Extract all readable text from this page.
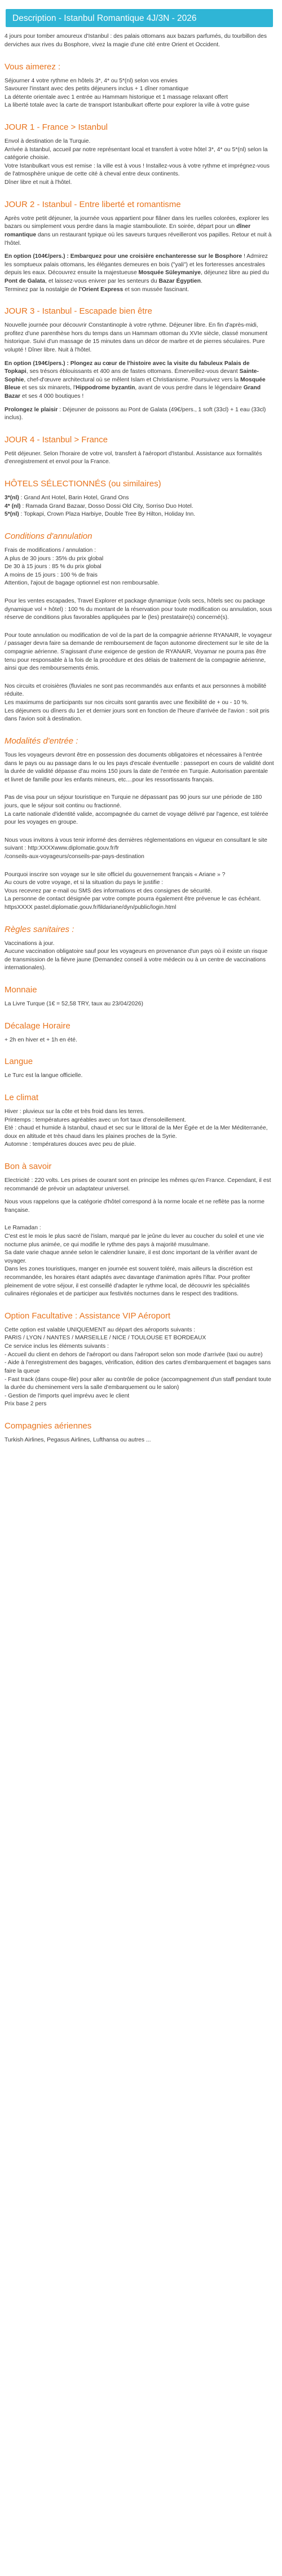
Description - Istanbul Romantique 4J/3N - 2026

4 jours pour tomber amoureux d'Istanbul : des palais ottomans aux bazars parfumés, du tourbillon des derviches aux rives du Bosphore, vivez la magie d'une cité entre Orient et Occident.

Vous aimerez :

Séjourner 4 votre rythme en hôtels 3*, 4* ou 5*(nl) selon vos envies
Savourer l'instant avec des petits déjeuners inclus + 1 dîner romantique
La détente orientale avec 1 entrée au Hammam historique et 1 massage relaxant offert
La liberté totale avec la carte de transport Istanbulkart offerte pour explorer la ville à votre guise

JOUR 1 - France > Istanbul

Envol à destination de la Turquie.
Arrivée à Istanbul, accueil par notre représentant local et transfert à votre hôtel 3*, 4* ou 5*(nl) selon la catégorie choisie.
Votre Istanbulkart vous est remise : la ville est à vous ! Installez-vous à votre rythme et imprégnez-vous de l'atmosphère unique de cette cité à cheval entre deux continents.
Dîner libre et nuit à l'hôtel.

JOUR 2 - Istanbul - Entre liberté et romantisme

Après votre petit déjeuner, la journée vous appartient pour flâner dans les ruelles colorées, explorer les bazars ou simplement vous perdre dans la magie stambouliote. En soirée, départ pour un dîner romantique dans un restaurant typique où les saveurs turques réveilleront vos papilles. Retour et nuit à l'hôtel.

En option (104€/pers.) : Embarquez pour une croisière enchanteresse sur le Bosphore ! Admirez les somptueux palais ottomans, les élégantes demeures en bois ("yali") et les forteresses ancestrales depuis les eaux. Découvrez ensuite la majestueuse Mosquée Süleymaniye, déjeunez libre au pied du Pont de Galata, et laissez-vous enivrer par les senteurs du Bazar Égyptien.
Terminez par la nostalgie de l'Orient Express et son mussée fascinant.

JOUR 3 - Istanbul - Escapade bien être

Nouvelle journée pour découvrir Constantinople à votre rythme. Déjeuner libre. En fin d'après-midi, profitez d'une parenthèse hors du temps dans un Hammam ottoman du XVIe siècle, classé monument historique. Suivi d'un massage de 15 minutes dans un décor de marbre et de pierres séculaires. Pure volupté ! Dîner libre. Nuit à l'hôtel.

En option (194€/pers.) : Plongez au cœur de l'histoire avec la visite du fabuleux Palais de Topkapi, ses trésors éblouissants et 400 ans de fastes ottomans. Émerveillez-vous devant Sainte-Sophie, chef-d'œuvre architectural où se mêlent Islam et Christianisme. Poursuivez vers la Mosquée Bleue et ses six minarets, l'Hippodrome byzantin, avant de vous perdre dans le légendaire Grand Bazar et ses 4 000 boutiques !

Prolongez le plaisir : Déjeuner de poissons au Pont de Galata (49€/pers., 1 soft (33cl) + 1 eau (33cl) inclus).

JOUR 4 - Istanbul > France

Petit déjeuner. Selon l'horaire de votre vol, transfert à l'aéroport d'Istanbul. Assistance aux formalités d'enregistrement et envol pour la France.

HÔTELS SÉLECTIONNÉS (ou similaires)

3*(nl) : Grand Ant Hotel, Barin Hotel, Grand Ons
4* (nl) : Ramada Grand Bazaar, Dosso Dossi Old City, Sorriso Duo Hotel.
5*(nl) : Topkapi, Crown Plaza Harbiye, Double Tree By Hilton, Holiday Inn.

Conditions d'annulation

Frais de modifications / annulation :
A plus de 30 jours : 35% du prix global
De 30 à 15 jours : 85 % du prix global
A moins de 15 jours : 100 % de frais
Attention, l'ajout de bagage optionnel est non remboursable.

Pour les ventes escapades, Travel Explorer et package dynamique (vols secs, hôtels sec ou package dynamique vol + hôtel) : 100 % du montant de la réservation pour toute modification ou annulation, sous réserve de conditions plus favorables appliquées par le (les) prestataire(s) concerné(s).

Pour toute annulation ou modification de vol de la part de la compagnie aérienne RYANAIR, le voyageur / passager devra faire sa demande de remboursement de façon autonome directement sur le site de la compagnie aérienne. S'agissant d'une exigence de gestion de RYANAIR, Voyamar ne pourra pas être tenu pour responsable à la fois de la procédure et des délais de traitement de la compagnie aérienne, ainsi que des remboursements émis.

Nos circuits et croisières (fluviales ne sont pas recommandés aux enfants et aux personnes à mobilité réduite.

Les maximums de participants sur nos circuits sont garantis avec une flexibilité de + ou - 10 %.

Les déjeuners ou dîners du 1er et dernier jours sont en fonction de l'heure d'arrivée de l'avion : soit pris dans l'avion soit à destination.

Modalités d'entrée :

Tous les voyageurs devront être en possession des documents obligatoires et nécessaires à l'entrée dans le pays ou au passage dans le ou les pays d'escale éventuelle : passeport en cours de validité dont la durée de validité dépasse d'au moins 150 jours la date de l'entrée en Turquie. Autorisation parentale et livret de famille pour les enfants mineurs, etc....pour les ressortissants français.

Pas de visa pour un séjour touristique en Turquie ne dépassant pas 90 jours sur une période de 180 jours, que le séjour soit continu ou fractionné.

La carte nationale d'identité valide, accompagnée du carnet de voyage délivré par l'agence, est tolérée pour les voyages en groupe.

Nous vous invitons à vous tenir informé des dernières réglementations en vigueur en consultant le site suivant : http:XXXXwww.diplomatie.gouv.fr/fr
/conseils-aux-voyageurs/conseils-par-pays-destination

Pourquoi inscrire son voyage sur le site officiel du gouvernement français « Ariane » ?
Au cours de votre voyage, et si la situation du pays le justifie :
Vous recevrez par e-mail ou SMS des informations et des consignes de sécurité.
La personne de contact désignée par votre compte pourra également être prévenue le cas échéant.
httpsXXXX pastel.diplomatie.gouv.fr/fildariane/dyn/public/login.html

Règles sanitaires :

Vaccinations à jour.
Aucune vaccination obligatoire sauf pour les voyageurs en provenance d'un pays où il existe un risque de transmission de la fièvre jaune (Demandez conseil à votre médecin ou à un centre de vaccinations internationales).

Monnaie

La Livre Turque (1€ = 52,58 TRY, taux au 23/04/2026)

Décalage Horaire

+ 2h en hiver et + 1h en été.

Langue

Le Turc est la langue officielle.

Le climat

Hiver : pluvieux sur la côte et très froid dans les terres.
Printemps : températures agréables avec un fort taux d'ensoleillement.
Eté : chaud et humide à Istanbul, chaud et sec sur le littoral de la Mer Égée et de la Mer Méditerranée, doux en altitude et très chaud dans les plaines proches de la Syrie.
Automne : températures douces avec peu de pluie.

Bon à savoir

Electricité : 220 volts. Les prises de courant sont en principe les mêmes qu'en France. Cependant, il est recommandé de prévoir un adaptateur universel.

Nous vous rappelons que la catégorie d'hôtel correspond à la norme locale et ne reflète pas la norme française.

Le Ramadan :
C'est est le mois le plus sacré de l'islam, marqué par le jeûne du lever au coucher du soleil et une vie nocturne plus animée, ce qui modifie le rythme des pays à majorité musulmane.
Sa date varie chaque année selon le calendrier lunaire, il est donc important de la vérifier avant de voyager.
Dans les zones touristiques, manger en journée est souvent toléré, mais ailleurs la discrétion est recommandée, les horaires étant adaptés avec davantage d'animation après l'iftar. Pour profiter pleinement de votre séjour, il est conseillé d'adapter le rythme local, de découvrir les spécialités culinaires régionales et de participer aux festivités nocturnes dans le respect des traditions.

Option Facultative : Assistance VIP Aéroport

Cette option est valable UNIQUEMENT au départ des aéroports suivants :
PARIS / LYON / NANTES / MARSEILLE / NICE / TOULOUSE ET BORDEAUX
Ce service inclus les éléments suivants :
- Accueil du client en dehors de l'aéroport ou dans l'aéroport selon son mode d'arrivée (taxi ou autre)
- Aide à l'enregistrement des bagages, vérification, édition des cartes d'embarquement et bagages sans faire la queue
- Fast track (dans coupe-file) pour aller au contrôle de police (accompagnement d'un staff pendant toute la durée du cheminement vers la salle d'embarquement ou le salon)
- Gestion de l'imports quel imprévu avec le client
Prix base 2 pers

Compagnies aériennes

Turkish Airlines, Pegasus Airlines, Lufthansa ou autres ...
